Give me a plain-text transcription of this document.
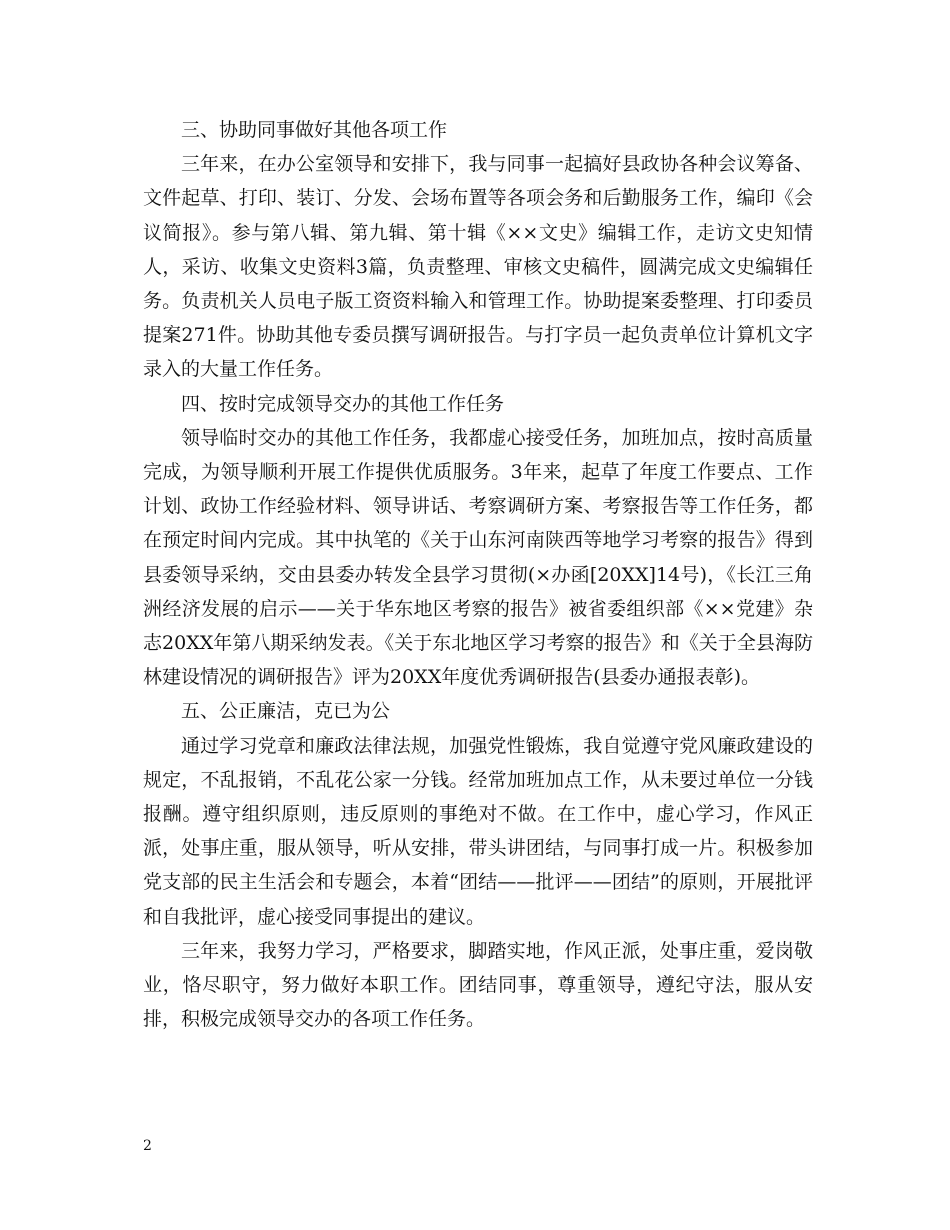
三、协助同事做好其他各项工作

三年来，在办公室领导和安排下，我与同事一起搞好县政协各种会议筹备、文件起草、打印、装订、分发、会场布置等各项会务和后勤服务工作，编印《会议简报》。参与第八辑、第九辑、第十辑《××文史》编辑工作，走访文史知情人，采访、收集文史资料3篇，负责整理、审核文史稿件，圆满完成文史编辑任务。负责机关人员电子版工资资料输入和管理工作。协助提案委整理、打印委员提案271件。协助其他专委员撰写调研报告。与打字员一起负责单位计算机文字录入的大量工作任务。

四、按时完成领导交办的其他工作任务

领导临时交办的其他工作任务，我都虚心接受任务，加班加点，按时高质量完成，为领导顺利开展工作提供优质服务。3年来，起草了年度工作要点、工作计划、政协工作经验材料、领导讲话、考察调研方案、考察报告等工作任务，都在预定时间内完成。其中执笔的《关于山东河南陕西等地学习考察的报告》得到县委领导采纳，交由县委办转发全县学习贯彻(×办函[20XX]14号)，《长江三角洲经济发展的启示——关于华东地区考察的报告》被省委组织部《××党建》杂志20XX年第八期采纳发表。《关于东北地区学习考察的报告》和《关于全县海防林建设情况的调研报告》评为20XX年度优秀调研报告(县委办通报表彰)。

五、公正廉洁，克已为公

通过学习党章和廉政法律法规，加强党性锻炼，我自觉遵守党风廉政建设的规定，不乱报销，不乱花公家一分钱。经常加班加点工作，从未要过单位一分钱报酬。遵守组织原则，违反原则的事绝对不做。在工作中，虚心学习，作风正派，处事庄重，服从领导，听从安排，带头讲团结，与同事打成一片。积极参加党支部的民主生活会和专题会，本着“团结——批评——团结”的原则，开展批评和自我批评，虚心接受同事提出的建议。

三年来，我努力学习，严格要求，脚踏实地，作风正派，处事庄重，爱岗敬业，恪尽职守，努力做好本职工作。团结同事，尊重领导，遵纪守法，服从安排，积极完成领导交办的各项工作任务。

2
